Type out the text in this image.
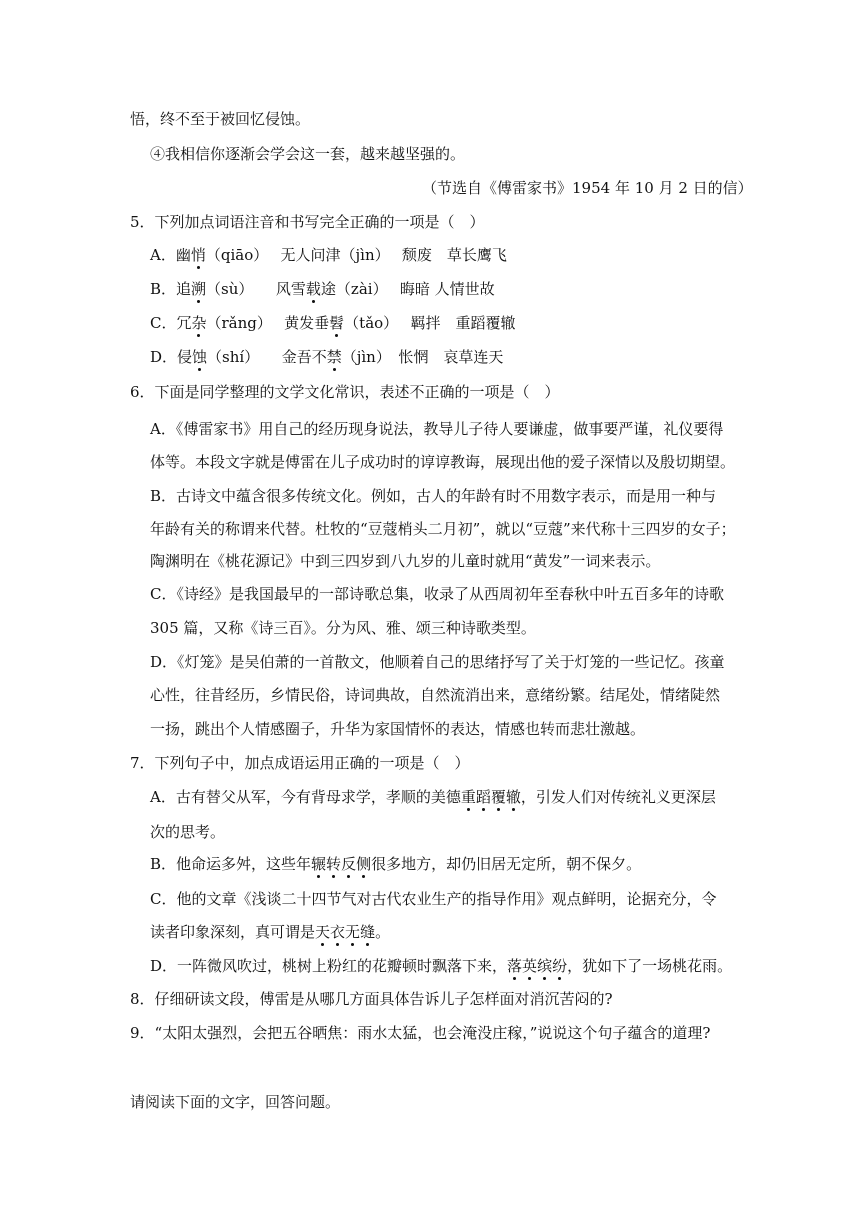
悟，终不至于被回忆侵蚀。
④我相信你逐渐会学会这一套，越来越坚强的。
（节选自《傅雷家书》1954 年 10 月 2 日的信）
5．下列加点词语注音和书写完全正确的一项是（　）
A．幽悄（qiāo）　 无人问津（jìn）　 颓废　草长鹰飞
B．追溯（sù）　　风雪载途（zài）　 晦暗 人情世故
C．冗杂（rǎng）　 黄发垂髫（tǎo）　 羁拌　重蹈覆辙
D．侵蚀（shí）　　金吾不禁（jìn）　怅惘　哀草连天
6．下面是同学整理的文学文化常识，表述不正确的一项是（　）
A．《傅雷家书》用自己的经历现身说法，教导儿子待人要谦虚，做事要严谨，礼仪要得
体等。本段文字就是傅雷在儿子成功时的谆谆教诲，展现出他的爱子深情以及殷切期望。
B．古诗文中蕴含很多传统文化。例如，古人的年龄有时不用数字表示，而是用一种与
年龄有关的称谓来代替。杜牧的“豆蔻梢头二月初”，就以“豆蔻”来代称十三四岁的女子；
陶渊明在《桃花源记》中到三四岁到八九岁的儿童时就用“黄发”一词来表示。
C．《诗经》是我国最早的一部诗歌总集，收录了从西周初年至春秋中叶五百多年的诗歌
305 篇，又称《诗三百》。分为风、雅、颂三种诗歌类型。
D．《灯笼》是吴伯萧的一首散文，他顺着自己的思绪抒写了关于灯笼的一些记忆。孩童
心性，往昔经历，乡情民俗，诗词典故，自然流消出来，意绪纷繁。结尾处，情绪陡然
一扬，跳出个人情感圈子，升华为家国情怀的表达，情感也转而悲壮激越。
7．下列句子中，加点成语运用正确的一项是（　）
A．古有替父从军，今有背母求学，孝顺的美德重蹈覆辙，引发人们对传统礼义更深层
次的思考。
B．他命运多舛，这些年辗转反侧很多地方，却仍旧居无定所，朝不保夕。
C．他的文章《浅谈二十四节气对古代农业生产的指导作用》观点鲜明，论据充分，令
读者印象深刻，真可谓是天衣无缝。
D．一阵微风吹过，桃树上粉红的花瓣顿时飘落下来，落英缤纷，犹如下了一场桃花雨。
8．仔细研读文段，傅雷是从哪几方面具体告诉儿子怎样面对消沉苦闷的?
9．“太阳太强烈，会把五谷晒焦：雨水太猛，也会淹没庄稼，”说说这个句子蕴含的道理?
请阅读下面的文字，回答问题。
